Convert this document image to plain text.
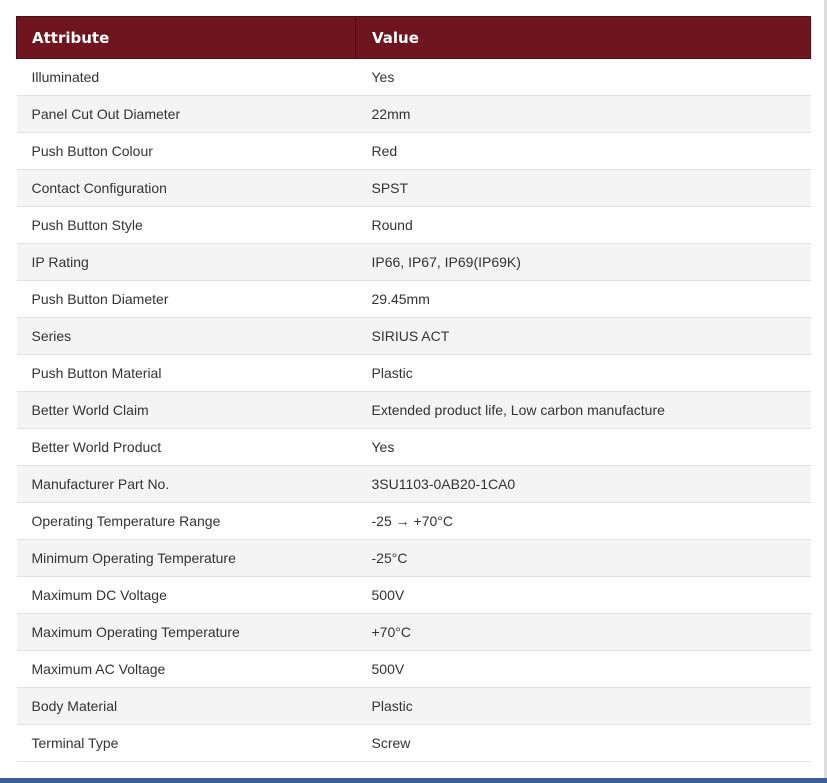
Attribute	Value
Illuminated	Yes
Panel Cut Out Diameter	22mm
Push Button Colour	Red
Contact Configuration	SPST
Push Button Style	Round
IP Rating	IP66, IP67, IP69(IP69K)
Push Button Diameter	29.45mm
Series	SIRIUS ACT
Push Button Material	Plastic
Better World Claim	Extended product life, Low carbon manufacture
Better World Product	Yes
Manufacturer Part No.	3SU1103-0AB20-1CA0
Operating Temperature Range	-25 → +70°C
Minimum Operating Temperature	-25°C
Maximum DC Voltage	500V
Maximum Operating Temperature	+70°C
Maximum AC Voltage	500V
Body Material	Plastic
Terminal Type	Screw
